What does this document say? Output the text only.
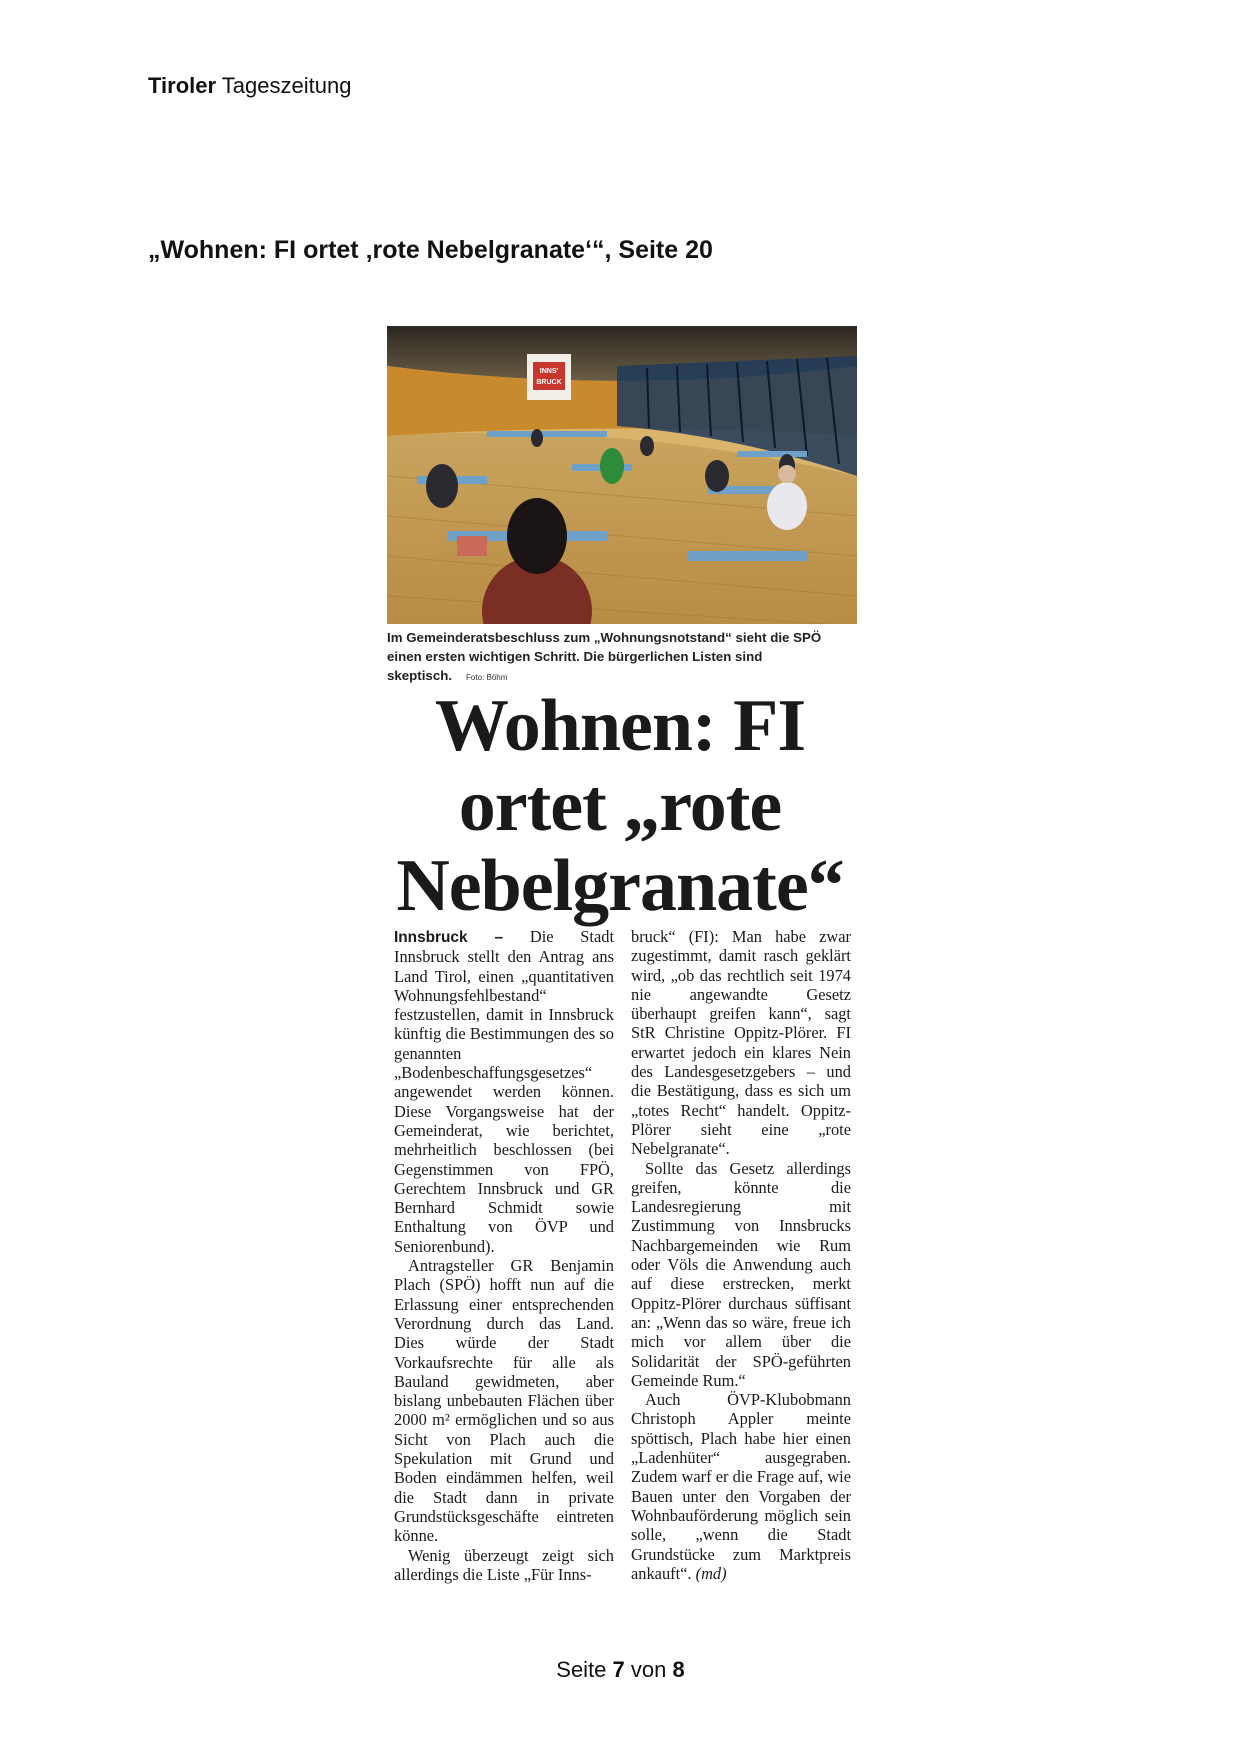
Tiroler Tageszeitung
„Wohnen: FI ortet ‚rote Nebelgranate‘“, Seite 20
INNS'
BRUCK
Im Gemeinderatsbeschluss zum „Wohnungsnotstand“ sieht die SPÖ einen ersten wichtigen Schritt. Die bürgerlichen Listen sind skeptisch. Foto: Böhm
Wohnen: FI
ortet „rote
Nebelgranate“

Innsbruck – Die Stadt Innsbruck stellt den Antrag ans Land Tirol, einen „quantitativen Wohnungsfehlbestand“ festzustellen, damit in Innsbruck künftig die Bestimmungen des so genannten „Bodenbeschaffungsgesetzes“ angewendet werden können. Diese Vorgangsweise hat der Gemeinderat, wie berichtet, mehrheitlich beschlossen (bei Gegenstimmen von FPÖ, Gerechtem Innsbruck und GR Bernhard Schmidt sowie Enthaltung von ÖVP und Seniorenbund).

Antragsteller GR Benjamin Plach (SPÖ) hofft nun auf die Erlassung einer entsprechenden Verordnung durch das Land. Dies würde der Stadt Vorkaufsrechte für alle als Bauland gewidmeten, aber bislang unbebauten Flächen über 2000 m² ermöglichen und so aus Sicht von Plach auch die Spekulation mit Grund und Boden eindämmen helfen, weil die Stadt dann in private Grundstücksgeschäfte eintreten könne.

Wenig überzeugt zeigt sich allerdings die Liste „Für Inns-

bruck“ (FI): Man habe zwar zugestimmt, damit rasch geklärt wird, „ob das rechtlich seit 1974 nie angewandte Gesetz überhaupt greifen kann“, sagt StR Christine Oppitz-Plörer. FI erwartet jedoch ein klares Nein des Landesgesetzgebers – und die Bestätigung, dass es sich um „totes Recht“ handelt. Oppitz-Plörer sieht eine „rote Nebelgranate“.

Sollte das Gesetz allerdings greifen, könnte die Landesregierung mit Zustimmung von Innsbrucks Nachbargemeinden wie Rum oder Völs die Anwendung auch auf diese erstrecken, merkt Oppitz-Plörer durchaus süffisant an: „Wenn das so wäre, freue ich mich vor allem über die Solidarität der SPÖ-geführten Gemeinde Rum.“

Auch ÖVP-Klubobmann Christoph Appler meinte spöttisch, Plach habe hier einen „Ladenhüter“ ausgegraben. Zudem warf er die Frage auf, wie Bauen unter den Vorgaben der Wohnbauförderung möglich sein solle, „wenn die Stadt Grundstücke zum Marktpreis ankauft“. (md)

Seite 7 von 8
